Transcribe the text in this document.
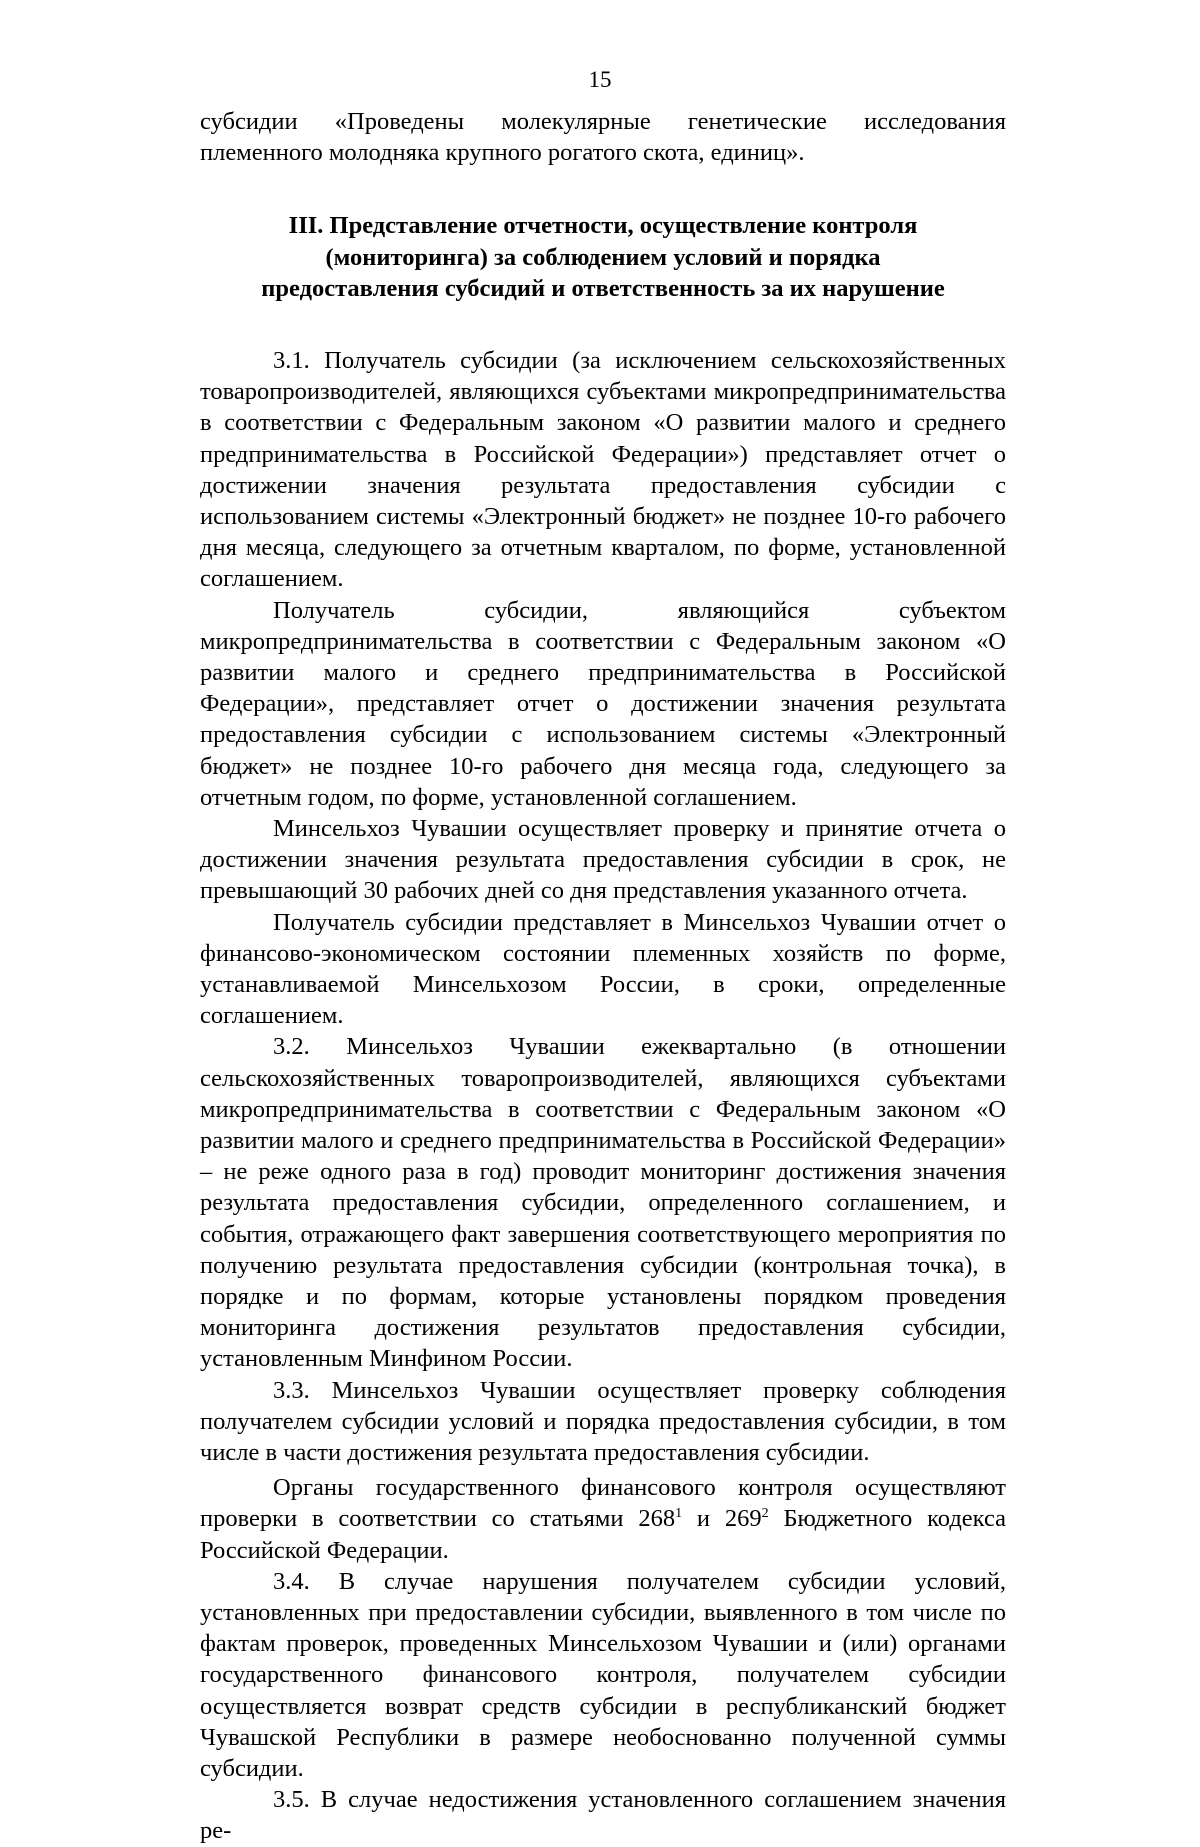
15

субсидии «Проведены молекулярные генетические исследования племенного молодняка крупного рогатого скота, единиц».

III. Представление отчетности, осуществление контроля
(мониторинга) за соблюдением условий и порядка
предоставления субсидий и ответственность за их нарушение

3.1. Получатель субсидии (за исключением сельскохозяйственных товаропроизводителей, являющихся субъектами микропредпринимательства в соответствии с Федеральным законом «О развитии малого и среднего предпринимательства в Российской Федерации») представляет отчет о достижении значения результата предоставления субсидии с использованием системы «Электронный бюджет» не позднее 10-го рабочего дня месяца, следующего за отчетным кварталом, по форме, установленной соглашением.

Получатель субсидии, являющийся субъектом микропредпринимательства в соответствии с Федеральным законом «О развитии малого и среднего предпринимательства в Российской Федерации», представляет отчет о достижении значения результата предоставления субсидии с использованием системы «Электронный бюджет» не позднее 10-го рабочего дня месяца года, следующего за отчетным годом, по форме, установленной соглашением.

Минсельхоз Чувашии осуществляет проверку и принятие отчета о достижении значения результата предоставления субсидии в срок, не превышающий 30 рабочих дней со дня представления указанного отчета.

Получатель субсидии представляет в Минсельхоз Чувашии отчет о финансово-экономическом состоянии племенных хозяйств по форме, устанавливаемой Минсельхозом России, в сроки, определенные соглашением.

3.2. Минсельхоз Чувашии ежеквартально (в отношении сельскохозяйственных товаропроизводителей, являющихся субъектами микропредпринимательства в соответствии с Федеральным законом «О развитии малого и среднего предпринимательства в Российской Федерации» – не реже одного раза в год) проводит мониторинг достижения значения результата предоставления субсидии, определенного соглашением, и события, отражающего факт завершения соответствующего мероприятия по получению результата предоставления субсидии (контрольная точка), в порядке и по формам, которые установлены порядком проведения мониторинга достижения результатов предоставления субсидии, установленным Минфином России.

3.3. Минсельхоз Чувашии осуществляет проверку соблюдения получателем субсидии условий и порядка предоставления субсидии, в том числе в части достижения результата предоставления субсидии.

Органы государственного финансового контроля осуществляют проверки в соответствии со статьями $268^1$ и $269^2$ Бюджетного кодекса Российской Федерации.

3.4. В случае нарушения получателем субсидии условий, установленных при предоставлении субсидии, выявленного в том числе по фактам проверок, проведенных Минсельхозом Чувашии и (или) органами государственного финансового контроля, получателем субсидии осуществляется возврат средств субсидии в республиканский бюджет Чувашской Республики в размере необоснованно полученной суммы субсидии.

3.5. В случае недостижения установленного соглашением значения ре-
